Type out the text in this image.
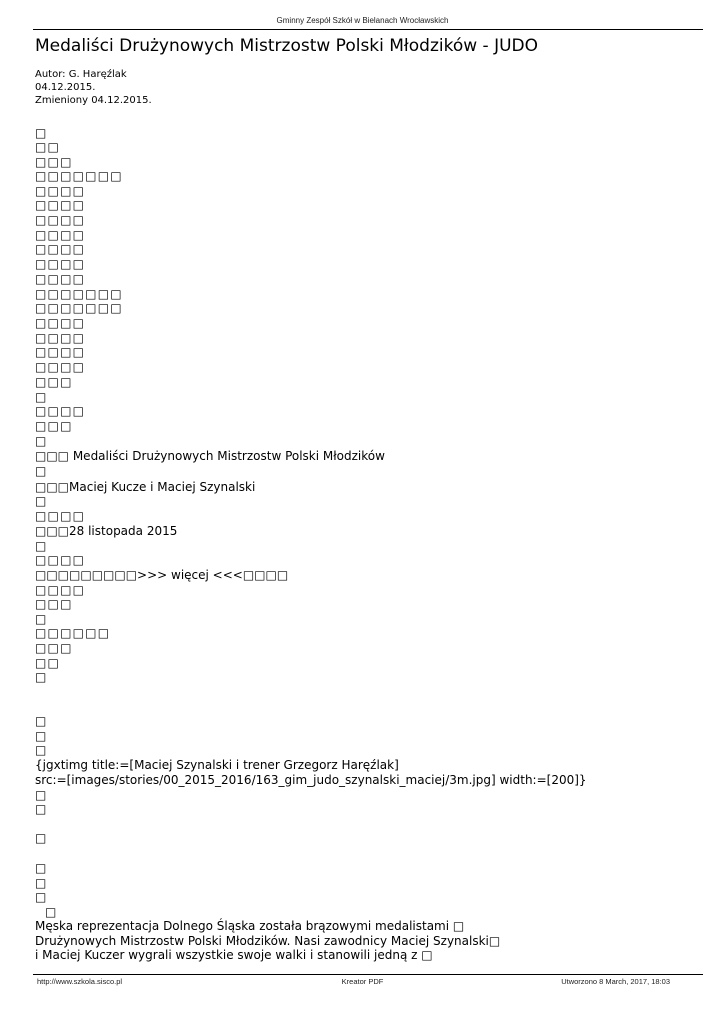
Gminny Zespół Szkół w Bielanach Wrocławskich
Medaliści Drużynowych Mistrzostw Polski Młodzików - JUDO
Autor: G. Haręźlak
04.12.2015.
Zmieniony 04.12.2015.
□
□□
□□□
□□□□□□□
□□□□
□□□□
□□□□
□□□□
□□□□
□□□□
□□□□
□□□□□□□
□□□□□□□
□□□□
□□□□
□□□□
□□□□
□□□
□
□□□□
□□□
□
□□□ Medaliści Drużynowych Mistrzostw Polski Młodzików
□
□□□Maciej Kucze i Maciej Szynalski
□
□□□□
□□□28 listopada 2015
□
□□□□
□□□□□□□□□>>> więcej <<<□□□□
□□□□
□□□
□
□□□□□□
□□□
□□
□
□
□
□
{jgxtimg title:=[Maciej Szynalski i trener Grzegorz Haręźlak]
src:=[images/stories/00_2015_2016/163_gim_judo_szynalski_maciej/3m.jpg] width:=[200]}
□
□
□
□
□
□
□
Męska reprezentacja Dolnego Śląska została brązowymi medalistami □
Drużynowych Mistrzostw Polski Młodzików. Nasi zawodnicy Maciej Szynalski□
i Maciej Kuczer wygrali wszystkie swoje walki i stanowili jedną z □
http://www.szkola.sisco.pl	Kreator PDF	Utworzono 8 March, 2017, 18:03
